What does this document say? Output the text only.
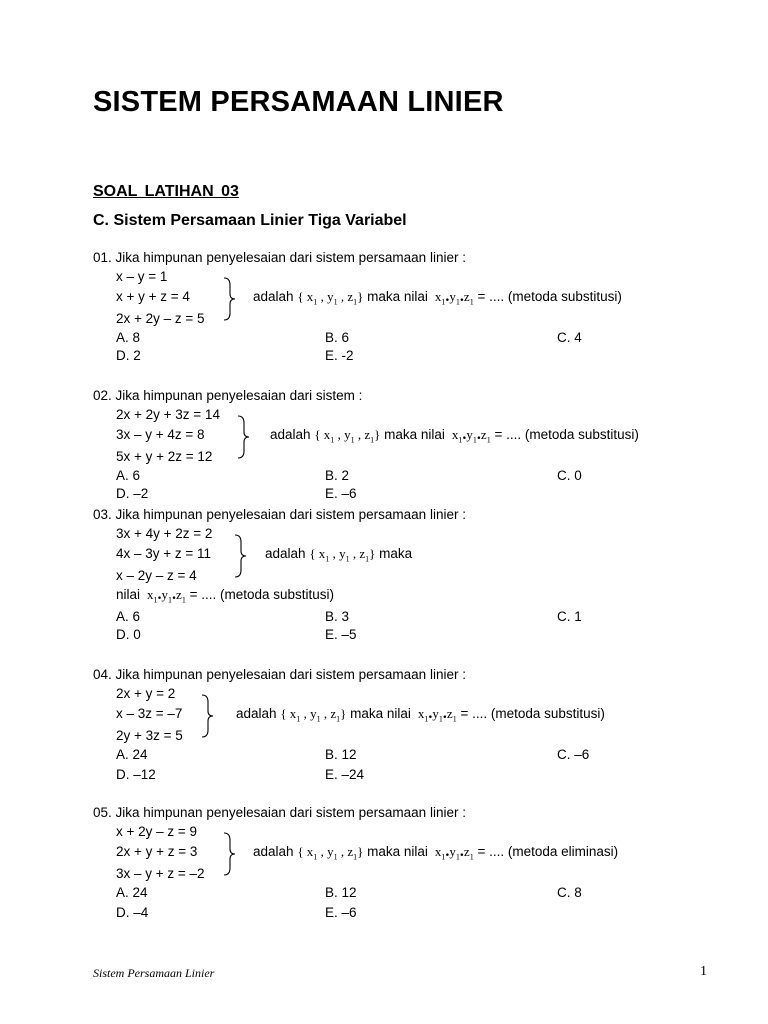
SISTEM PERSAMAAN LINIER
SOAL LATIHAN 03
C. Sistem Persamaan Linier Tiga Variabel
01. Jika himpunan penyelesaian dari sistem persamaan linier :
x – y = 1
x + y + z = 4
2x + 2y – z = 5
adalah { $x_1$ , $y_1$ , $z_1$} maka nilai  $x_1.y_1.z_1$ = .... (metoda substitusi)
A. 8	B. 6	C. 4
D. 2	E. -2
02. Jika himpunan penyelesaian dari sistem :
2x + 2y + 3z = 14
3x – y + 4z = 8
5x + y + 2z = 12
adalah { $x_1$ , $y_1$ , $z_1$} maka nilai  $x_1.y_1.z_1$ = .... (metoda substitusi)
A. 6	B. 2	C. 0
D. –2	E. –6
03. Jika himpunan penyelesaian dari sistem persamaan linier :
3x + 4y + 2z = 2
4x – 3y + z = 11
x – 2y – z = 4
adalah { $x_1$ , $y_1$ , $z_1$} maka
nilai  $x_1.y_1.z_1$ = .... (metoda substitusi)
A. 6	B. 3	C. 1
D. 0	E. –5
04. Jika himpunan penyelesaian dari sistem persamaan linier :
2x + y = 2
x – 3z = –7
2y + 3z = 5
adalah { $x_1$ , $y_1$ , $z_1$} maka nilai  $x_1.y_1.z_1$ = .... (metoda substitusi)
A. 24	B. 12	C. –6
D. –12	E. –24
05. Jika himpunan penyelesaian dari sistem persamaan linier :
x + 2y – z = 9
2x + y + z = 3
3x – y + z = –2
adalah { $x_1$ , $y_1$ , $z_1$} maka nilai  $x_1.y_1.z_1$ = .... (metoda eliminasi)
A. 24	B. 12	C. 8
D. –4	E. –6
Sistem Persamaan Linier	1
